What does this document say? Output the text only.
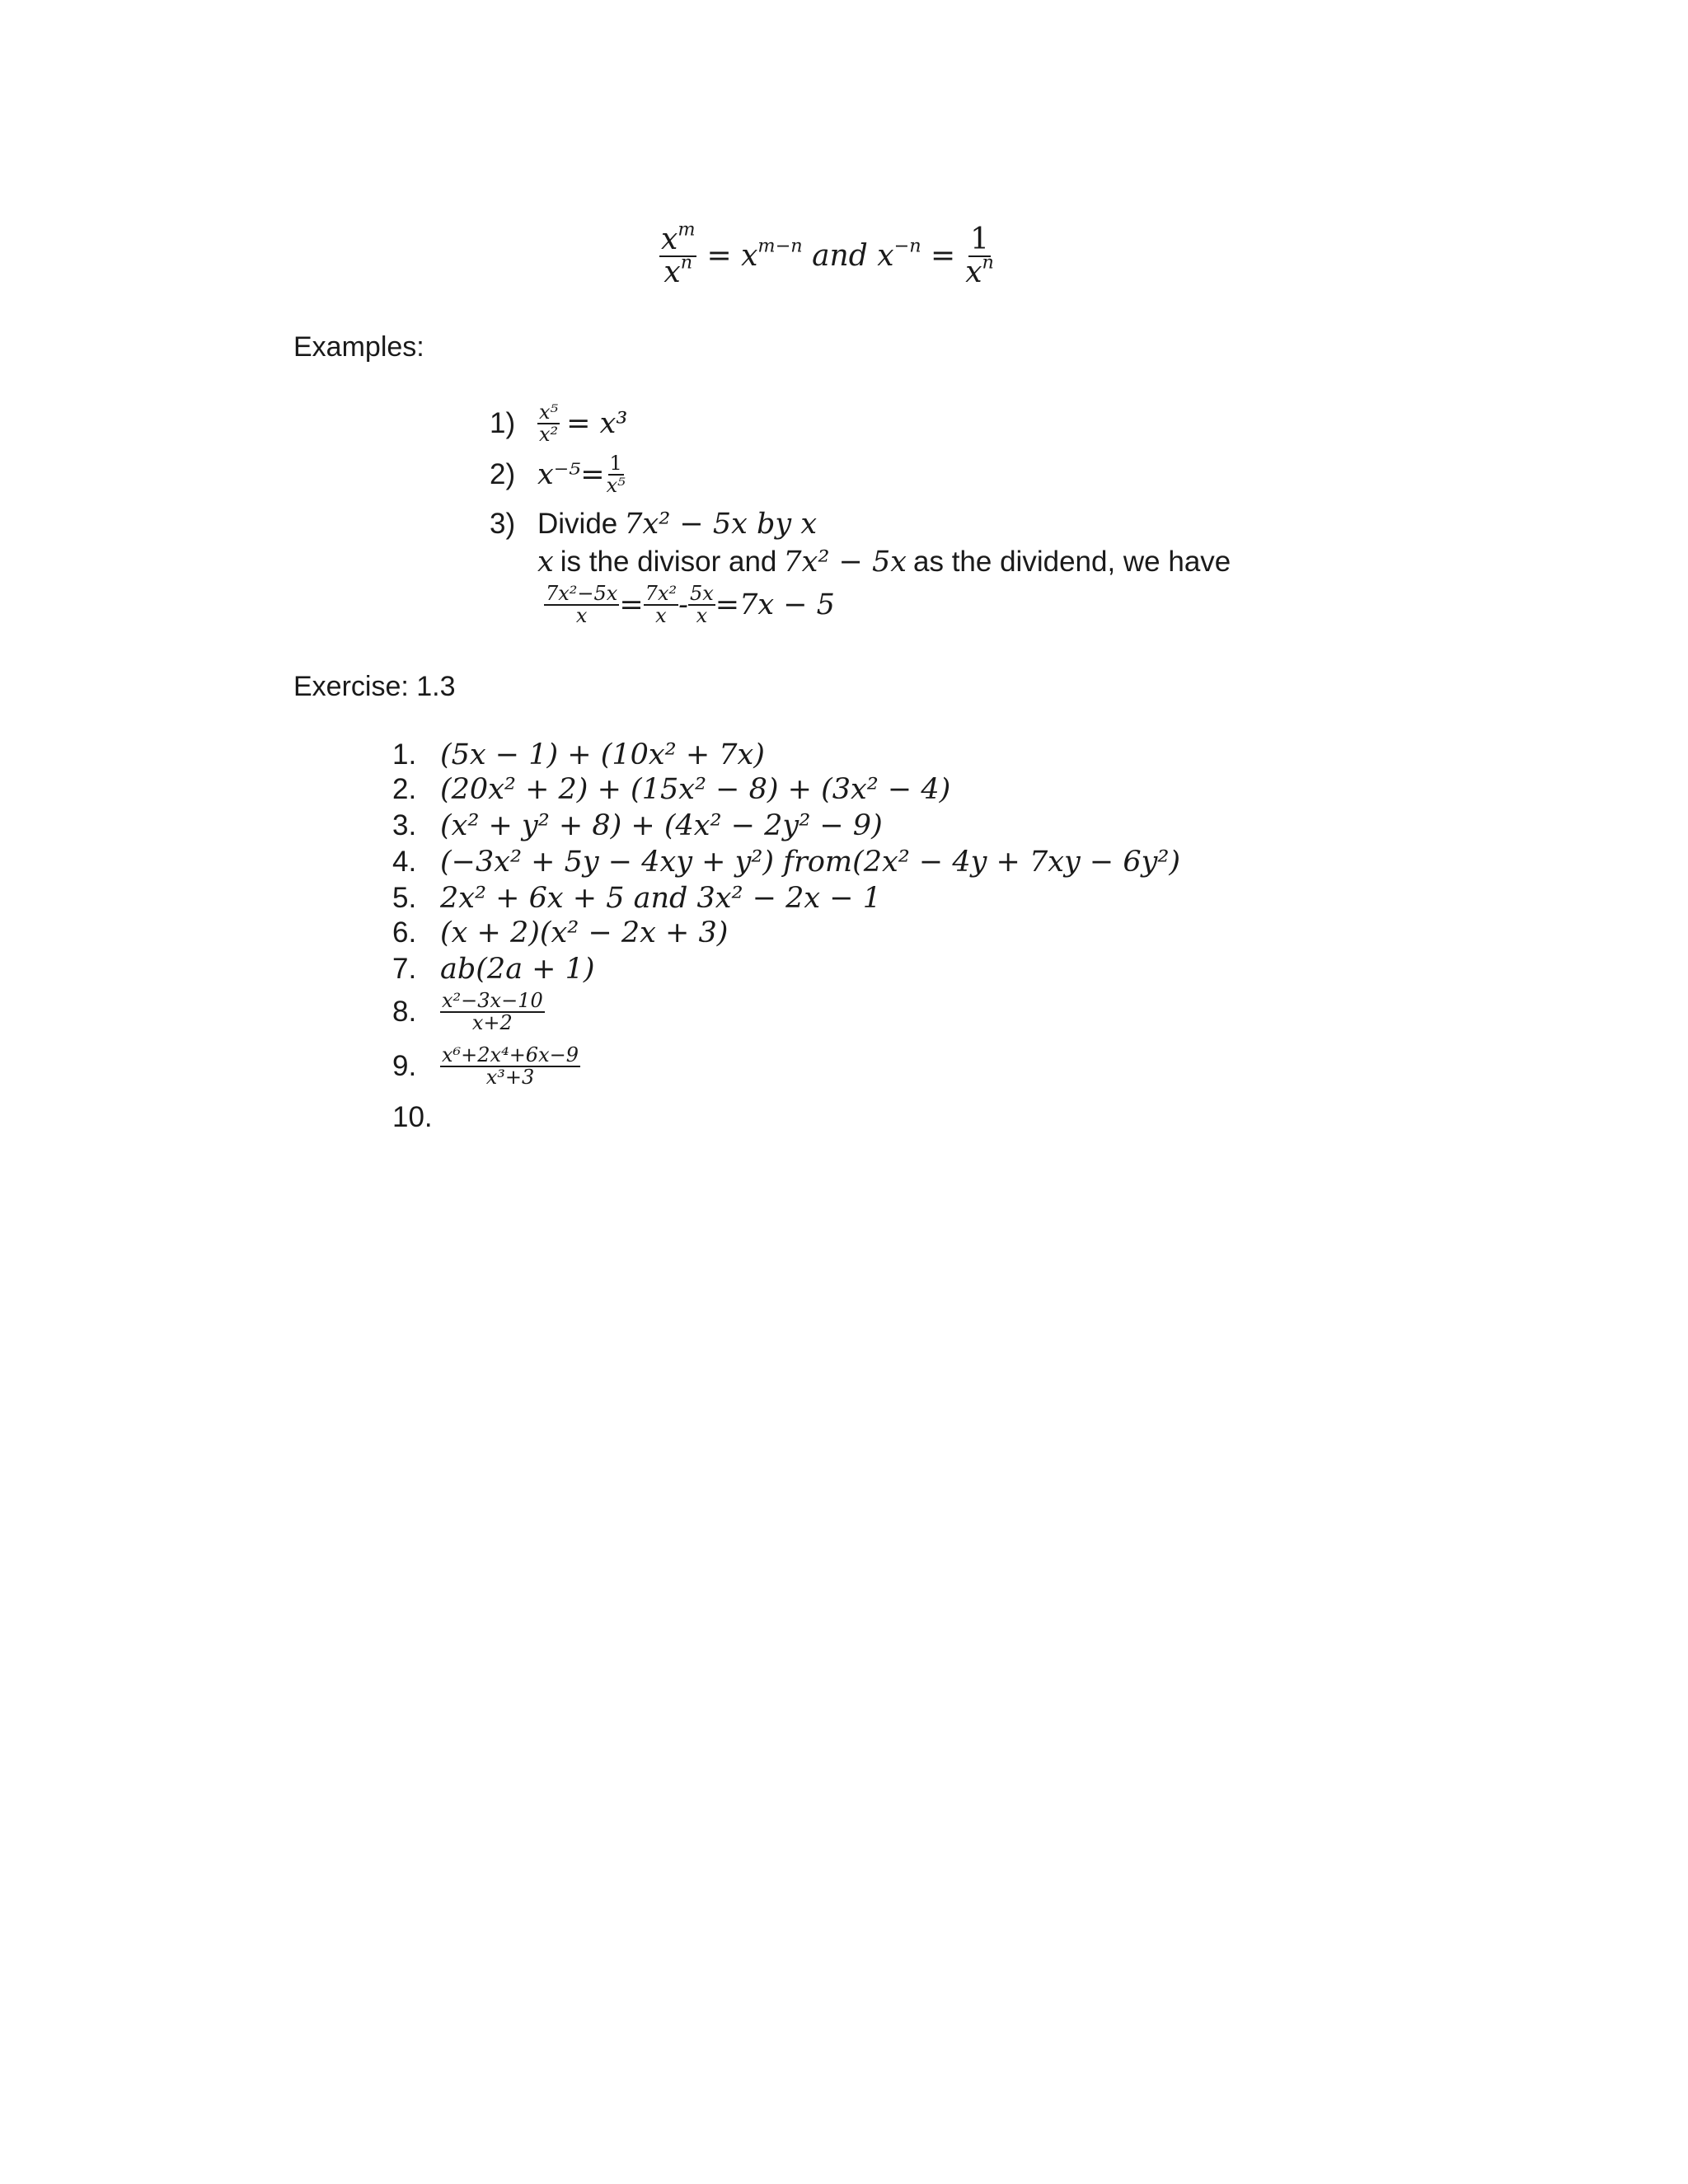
$\frac{x^m}{x^n} = x^{m-n}$ and $x^{-n} = \frac{1}{x^n}$
Examples:
1)	$\frac{\text{x⁵}}{\text{x²}} = x^3$
2) $x^{-5}= \frac{1}{\text{x⁵}}$
3) Divide 7x² − 5x by x
x is the divisor and 7x² − 5x as the dividend, we have
$\frac{\text{7x²−5x}}{x} = \frac{\text{7x²}}{x} - \frac{5x}{x} =7x - 5$
Exercise: 1.3
1. (5x − 1) + (10x² + 7x)
2. (20x² + 2) + (15x² − 8) + (3x² − 4)
3. (x² + y² + 8) + (4x² − 2y² − 9)
4. (−3x² + 5y − 4xy + y²) from(2x² − 4y + 7xy − 6y²)
5. 2x² + 6x + 5 and 3x² − 2x − 1
6. (x + 2)(x² − 2x + 3)
7. ab(2a + 1)
8.	$\frac{\text{x²−3x−10}}{x+2}$
9.	$\frac{\text{x⁶+2x⁴+6x−9}}{\text{x³+3}}$
10.
